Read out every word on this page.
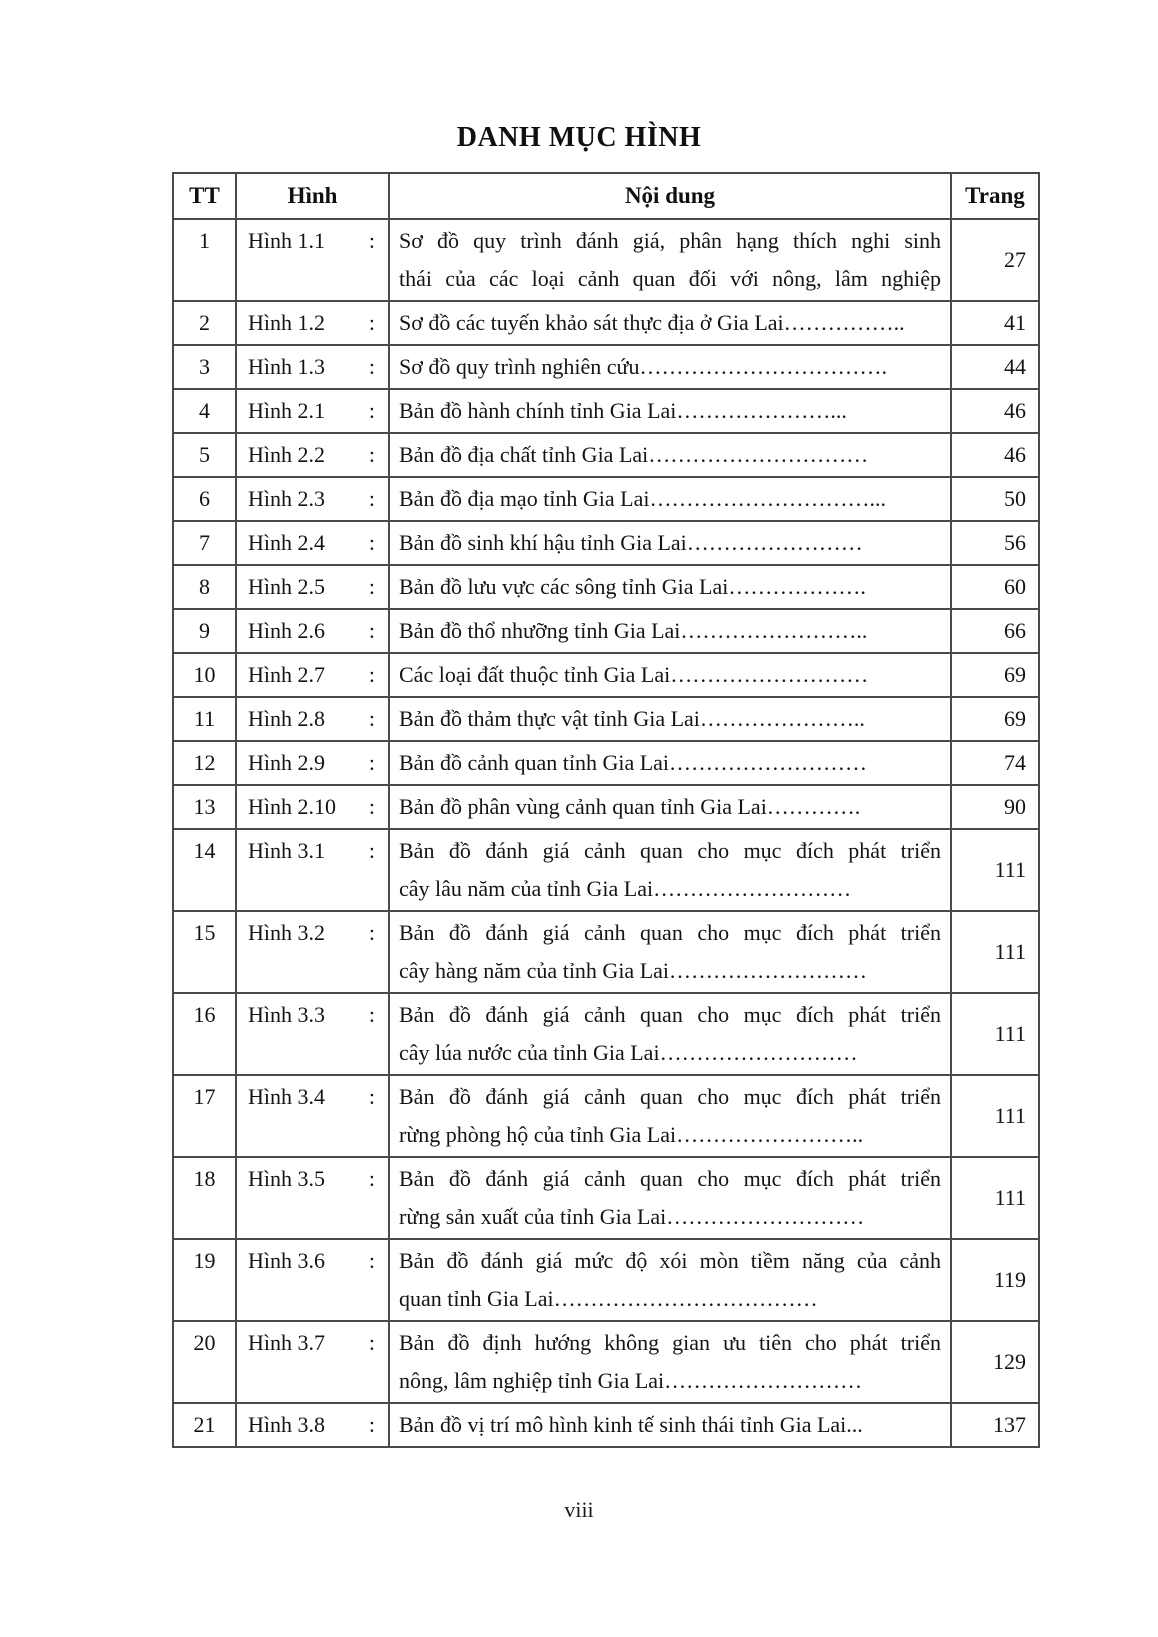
DANH MỤC HÌNH
TT	Hình	Nội dung	Trang
1	Hình 1.1 :	Sơ đồ quy trình đánh giá, phân hạng thích nghi sinh
thái của các loại cảnh quan đối với nông, lâm nghiệp
	27
2	Hình 1.2 :	Sơ đồ các tuyến khảo sát thực địa ở Gia Lai……………..	41
3	Hình 1.3 :	Sơ đồ quy trình nghiên cứu…………………………….	44
4	Hình 2.1 :	Bản đồ hành chính tỉnh Gia Lai…………………...	46
5	Hình 2.2 :	Bản đồ địa chất tỉnh Gia Lai…………………………	46
6	Hình 2.3 :	Bản đồ địa mạo tỉnh Gia Lai…………………………...	50
7	Hình 2.4 :	Bản đồ sinh khí hậu tỉnh Gia Lai……………………	56
8	Hình 2.5 :	Bản đồ lưu vực các sông tỉnh Gia Lai……………….	60
9	Hình 2.6 :	Bản đồ thổ nhưỡng tỉnh Gia Lai……………………..	66
10	Hình 2.7 :	Các loại đất thuộc tỉnh Gia Lai………………………	69
11	Hình 2.8 :	Bản đồ thảm thực vật tỉnh Gia Lai…………………..	69
12	Hình 2.9 :	Bản đồ cảnh quan tỉnh Gia Lai………………………	74
13	Hình 2.10 :	Bản đồ phân vùng cảnh quan tỉnh Gia Lai………….	90
14	Hình 3.1 :	Bản đồ đánh giá cảnh quan cho mục đích phát triển
cây lâu năm của tỉnh Gia Lai………………………
	111
15	Hình 3.2 :	Bản đồ đánh giá cảnh quan cho mục đích phát triển
cây hàng năm của tỉnh Gia Lai………………………
	111
16	Hình 3.3 :	Bản đồ đánh giá cảnh quan cho mục đích phát triển
cây lúa nước của tỉnh Gia Lai………………………
	111
17	Hình 3.4 :	Bản đồ đánh giá cảnh quan cho mục đích phát triển
rừng phòng hộ của tỉnh Gia Lai……………………..
	111
18	Hình 3.5 :	Bản đồ đánh giá cảnh quan cho mục đích phát triển
rừng sản xuất của tỉnh Gia Lai………………………
	111
19	Hình 3.6 :	Bản đồ đánh giá mức độ xói mòn tiềm năng của cảnh
quan tỉnh Gia Lai………………………………
	119
20	Hình 3.7 :	Bản đồ định hướng không gian ưu tiên cho phát triển
nông, lâm nghiệp tỉnh Gia Lai………………………
	129
21	Hình 3.8 :	Bản đồ vị trí mô hình kinh tế sinh thái tỉnh Gia Lai...	137
viii
